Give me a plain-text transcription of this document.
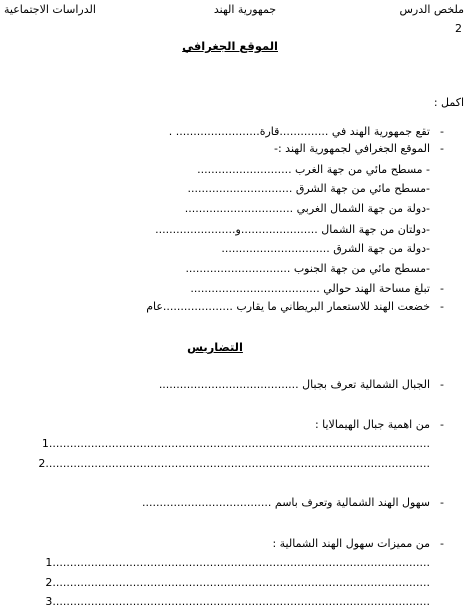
الدراسات الاجتماعية	جمهورية الهند	ملخص الدرس
2
الموقع الجغرافي
اكمل :
-
تقع جمهورية الهند في ..............قارة........................ .
-
الموقع الجغرافي لجمهورية الهند :-
- مسطح مائي من جهة الغرب ...........................
-مسطح مائي من جهة الشرق ..............................
-دولة من جهة الشمال الغربي ...............................
-دولتان من جهة الشمال ......................و.......................
-دولة من جهة الشرق ...............................
-مسطح مائي من جهة الجنوب ..............................
-
تبلغ مساحة الهند حوالي .....................................
-
خضعت الهند للاستعمار البريطاني ما يقارب ....................عام
التضاريس
-
الجبال الشمالية تعرف بجبال ........................................
-
من اهمية جبال الهيمالايا :
1.............................................................................................................
2..............................................................................................................
-
سهول الهند الشمالية وتعرف باسم .....................................
-
من مميزات سهول الهند الشمالية :
1............................................................................................................
2............................................................................................................
3............................................................................................................
